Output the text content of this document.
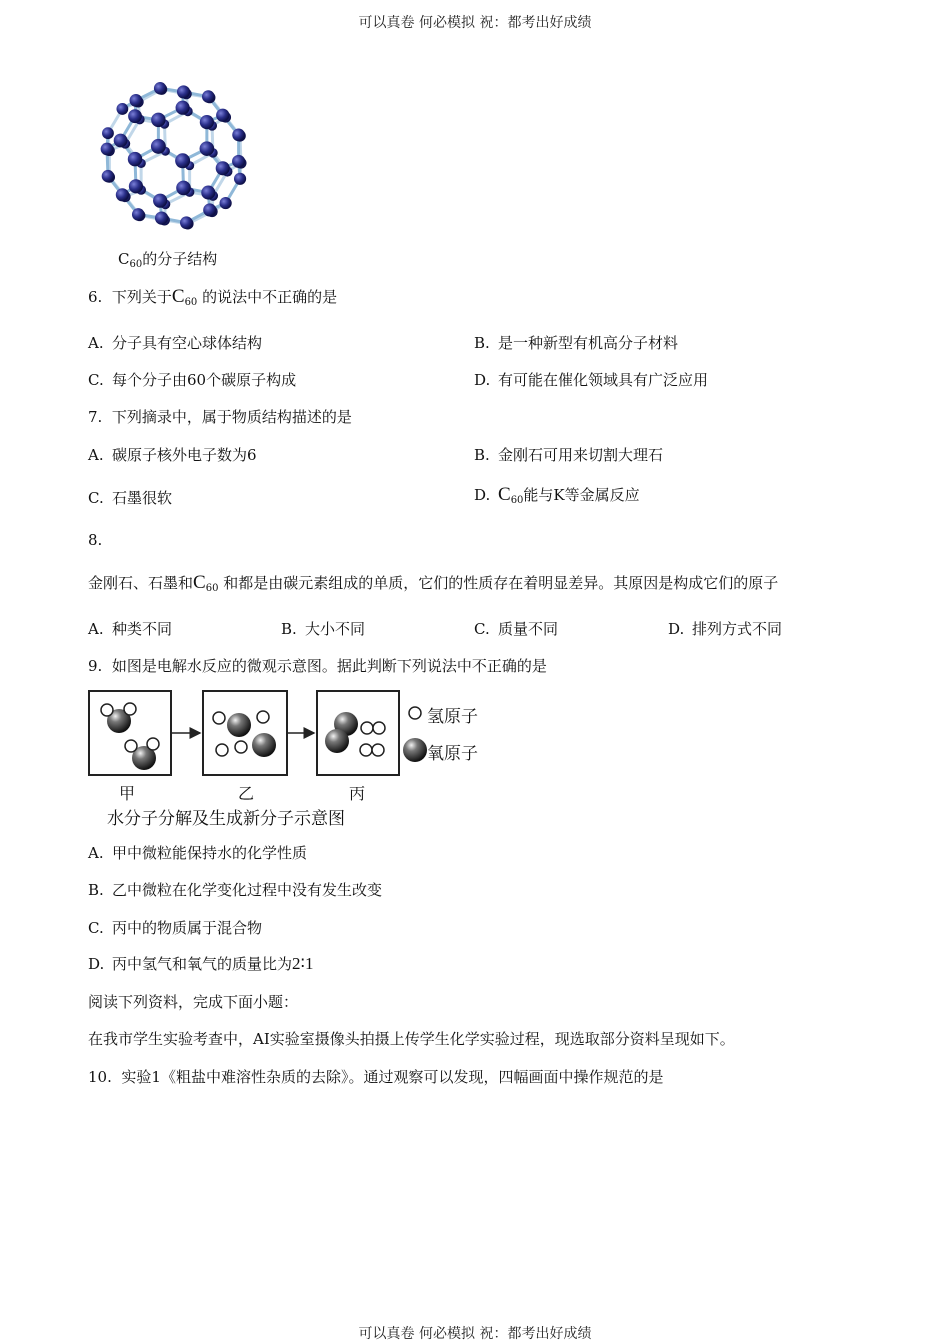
可以真卷 何必模拟 祝：都考出好成绩
$C_{60}$的分子结构
6. 下列关于$C_{60}$ 的说法中不正确的是
A. 分子具有空心球体结构	B. 是一种新型有机高分子材料
C. 每个分子由60个碳原子构成	D. 有可能在催化领域具有广泛应用
7. 下列摘录中，属于物质结构描述的是
A. 碳原子核外电子数为6	B. 金刚石可用来切割大理石
C. 石墨很软	D. $C_{60}$能与K等金属反应
8.
金刚石、石墨和$C_{60}$ 和都是由碳元素组成的单质，它们的性质存在着明显差异。其原因是构成它们的原子
A. 种类不同	B. 大小不同	C. 质量不同	D. 排列方式不同
9. 如图是电解水反应的微观示意图。据此判断下列说法中不正确的是
氢原子
氧原子
甲	乙	丙
水分子分解及生成新分子示意图
A. 甲中微粒能保持水的化学性质
B. 乙中微粒在化学变化过程中没有发生改变
C. 丙中的物质属于混合物
D. 丙中氢气和氧气的质量比为2∶1
阅读下列资料，完成下面小题：
在我市学生实验考查中，AI实验室摄像头拍摄上传学生化学实验过程，现选取部分资料呈现如下。
10. 实验1《粗盐中难溶性杂质的去除》。通过观察可以发现，四幅画面中操作规范的是
可以真卷 何必模拟 祝：都考出好成绩
